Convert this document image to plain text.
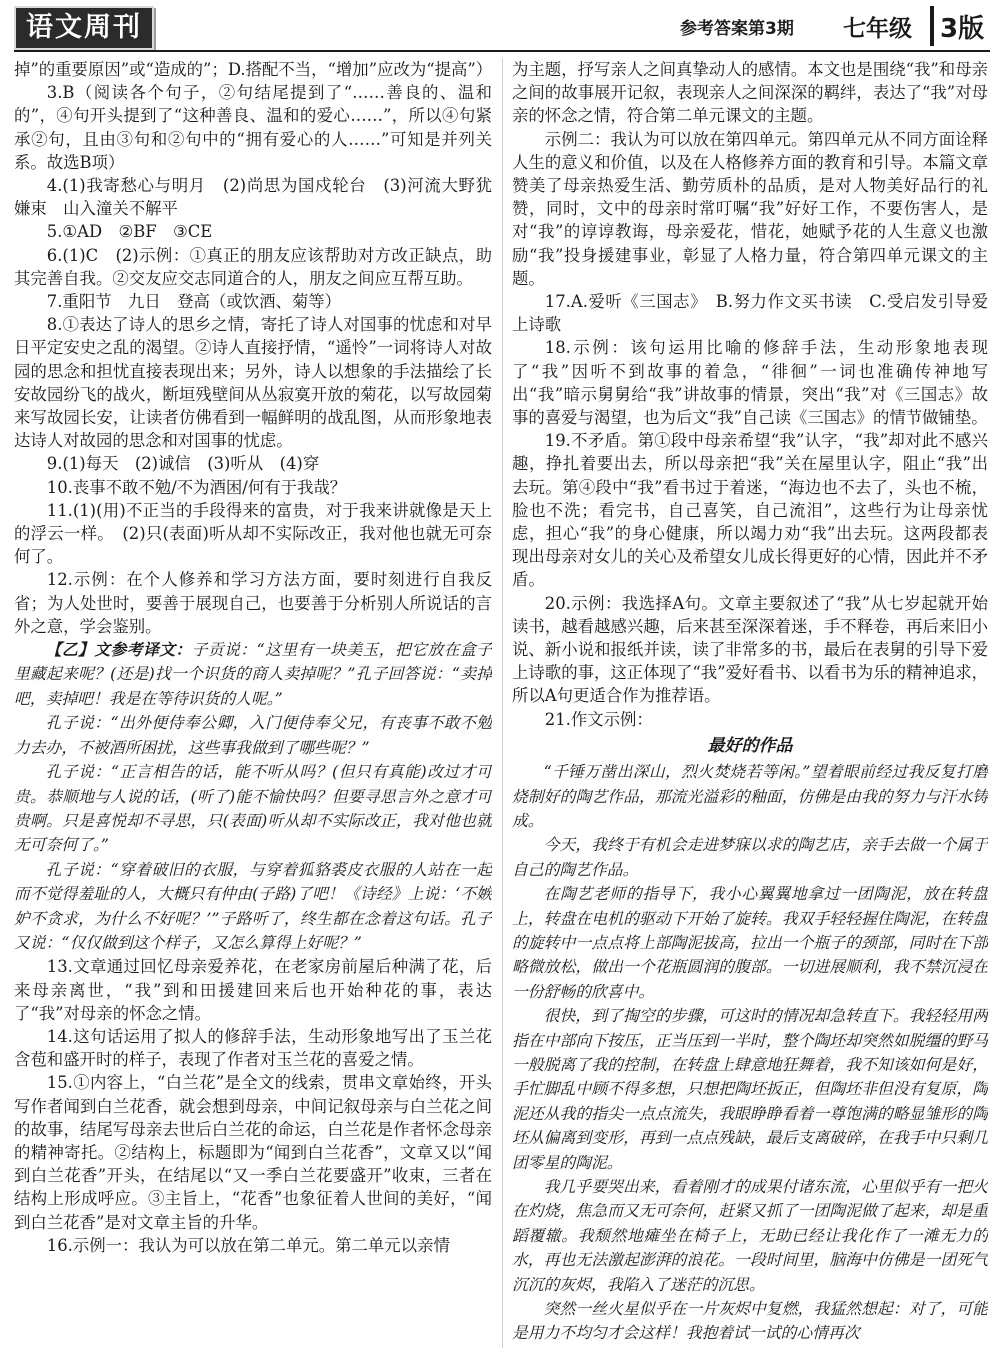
语文周刊	参考答案第3期 七年级 3版

掉”的重要原因”或“造成的”；D.搭配不当，“增加”应改为“提高”）

3.B（阅读各个句子，②句结尾提到了“……善良的、温和的”，④句开头提到了“这种善良、温和的爱心……”，所以④句紧承②句，且由③句和②句中的“拥有爱心的人……”可知是并列关系。故选B项）

4.(1)我寄愁心与明月　(2)尚思为国戍轮台　(3)河流大野犹嫌束　山入潼关不解平

5.①AD　②BF　③CE

6.(1)C　(2)示例：①真正的朋友应该帮助对方改正缺点，助其完善自我。②交友应交志同道合的人，朋友之间应互帮互助。

7.重阳节　九日　登高（或饮酒、菊等）

8.①表达了诗人的思乡之情，寄托了诗人对国事的忧虑和对早日平定安史之乱的渴望。②诗人直接抒情，“遥怜”一词将诗人对故园的思念和担忧直接表现出来；另外，诗人以想象的手法描绘了长安故园纷飞的战火，断垣残壁间从丛寂寞开放的菊花，以写故园菊来写故园长安，让读者仿佛看到一幅鲜明的战乱图，从而形象地表达诗人对故园的思念和对国事的忧虑。

9.(1)每天　(2)诚信　(3)听从　(4)穿

10.丧事不敢不勉/不为酒困/何有于我哉？

11.(1)(用)不正当的手段得来的富贵，对于我来讲就像是天上的浮云一样。　(2)只(表面)听从却不实际改正，我对他也就无可奈何了。

12.示例：在个人修养和学习方法方面，要时刻进行自我反省；为人处世时，要善于展现自己，也要善于分析别人所说话的言外之意，学会鉴别。

【乙】文参考译文：子贡说：“这里有一块美玉，把它放在盒子里藏起来呢？(还是)找一个识货的商人卖掉呢？”孔子回答说：“卖掉吧，卖掉吧！我是在等待识货的人呢。”

孔子说：“出外便侍奉公卿，入门便侍奉父兄，有丧事不敢不勉力去办，不被酒所困扰，这些事我做到了哪些呢？”

孔子说：“正言相告的话，能不听从吗？(但只有真能)改过才可贵。恭顺地与人说的话，(听了)能不愉快吗？但要寻思言外之意才可贵啊。只是喜悦却不寻思，只(表面)听从却不实际改正，我对他也就无可奈何了。”

孔子说：“穿着破旧的衣服，与穿着狐貉裘皮衣服的人站在一起而不觉得羞耻的人，大概只有仲由(子路)了吧！《诗经》上说：‘不嫉妒不贪求，为什么不好呢？’”子路听了，终生都在念着这句话。孔子又说：“仅仅做到这个样子，又怎么算得上好呢？”

13.文章通过回忆母亲爱养花，在老家房前屋后种满了花，后来母亲离世，“我”到和田援建回来后也开始种花的事，表达了“我”对母亲的怀念之情。

14.这句话运用了拟人的修辞手法，生动形象地写出了玉兰花含苞和盛开时的样子，表现了作者对玉兰花的喜爱之情。

15.①内容上，“白兰花”是全文的线索，贯串文章始终，开头写作者闻到白兰花香，就会想到母亲，中间记叙母亲与白兰花之间的故事，结尾写母亲去世后白兰花的命运，白兰花是作者怀念母亲的精神寄托。②结构上，标题即为“闻到白兰花香”，文章又以“闻到白兰花香”开头，在结尾以“又一季白兰花要盛开”收束，三者在结构上形成呼应。③主旨上，“花香”也象征着人世间的美好，“闻到白兰花香”是对文章主旨的升华。

16.示例一：我认为可以放在第二单元。第二单元以亲情

为主题，抒写亲人之间真挚动人的感情。本文也是围绕“我”和母亲之间的故事展开记叙，表现亲人之间深深的羁绊，表达了“我”对母亲的怀念之情，符合第二单元课文的主题。

示例二：我认为可以放在第四单元。第四单元从不同方面诠释人生的意义和价值，以及在人格修养方面的教育和引导。本篇文章赞美了母亲热爱生活、勤劳质朴的品质，是对人物美好品行的礼赞，同时，文中的母亲时常叮嘱“我”好好工作，不要伤害人，是对“我”的谆谆教诲，母亲爱花，惜花，她赋予花的人生意义也激励“我”投身援建事业，彰显了人格力量，符合第四单元课文的主题。

17.A.爱听《三国志》　B.努力作文买书读　C.受启发引导爱上诗歌

18.示例：该句运用比喻的修辞手法，生动形象地表现了“我”因听不到故事的着急，“徘徊”一词也准确传神地写出“我”暗示舅舅给“我”讲故事的情景，突出“我”对《三国志》故事的喜爱与渴望，也为后文“我”自己读《三国志》的情节做铺垫。

19.不矛盾。第①段中母亲希望“我”认字，“我”却对此不感兴趣，挣扎着要出去，所以母亲把“我”关在屋里认字，阻止“我”出去玩。第④段中“我”看书过于着迷，“海边也不去了，头也不梳，脸也不洗；看完书，自己喜笑，自己流泪”，这些行为让母亲忧虑，担心“我”的身心健康，所以竭力劝“我”出去玩。这两段都表现出母亲对女儿的关心及希望女儿成长得更好的心情，因此并不矛盾。

20.示例：我选择A句。文章主要叙述了“我”从七岁起就开始读书，越看越感兴趣，后来甚至深深着迷，手不释卷，再后来旧小说、新小说和报纸并读，读了非常多的书，最后在表舅的引导下爱上诗歌的事，这正体现了“我”爱好看书、以看书为乐的精神追求，所以A句更适合作为推荐语。

21.作文示例：

最好的作品

“千锤万凿出深山，烈火焚烧若等闲。”望着眼前经过我反复打磨烧制好的陶艺作品，那流光溢彩的釉面，仿佛是由我的努力与汗水铸成。

今天，我终于有机会走进梦寐以求的陶艺店，亲手去做一个属于自己的陶艺作品。

在陶艺老师的指导下，我小心翼翼地拿过一团陶泥，放在转盘上，转盘在电机的驱动下开始了旋转。我双手轻轻握住陶泥，在转盘的旋转中一点点将上部陶泥拔高，拉出一个瓶子的颈部，同时在下部略微放松，做出一个花瓶圆润的腹部。一切进展顺利，我不禁沉浸在一份舒畅的欣喜中。

很快，到了掏空的步骤，可这时的情况却急转直下。我轻轻用两指在中部向下按压，正当压到一半时，整个陶坯却突然如脱缰的野马一般脱离了我的控制，在转盘上肆意地狂舞着，我不知该如何是好，手忙脚乱中顾不得多想，只想把陶坯扳正，但陶坯非但没有复原，陶泥还从我的指尖一点点流失，我眼睁睁看着一尊饱满的略显雏形的陶坯从偏离到变形，再到一点点残缺，最后支离破碎，在我手中只剩几团零星的陶泥。

我几乎要哭出来，看着刚才的成果付诸东流，心里似乎有一把火在灼烧，焦急而又无可奈何，赶紧又抓了一团陶泥做了起来，却是重蹈覆辙。我颓然地瘫坐在椅子上，无助已经让我化作了一滩无力的水，再也无法激起澎湃的浪花。一段时间里，脑海中仿佛是一团死气沉沉的灰烬，我陷入了迷茫的沉思。

突然一丝火星似乎在一片灰烬中复燃，我猛然想起：对了，可能是用力不均匀才会这样！我抱着试一试的心情再次
